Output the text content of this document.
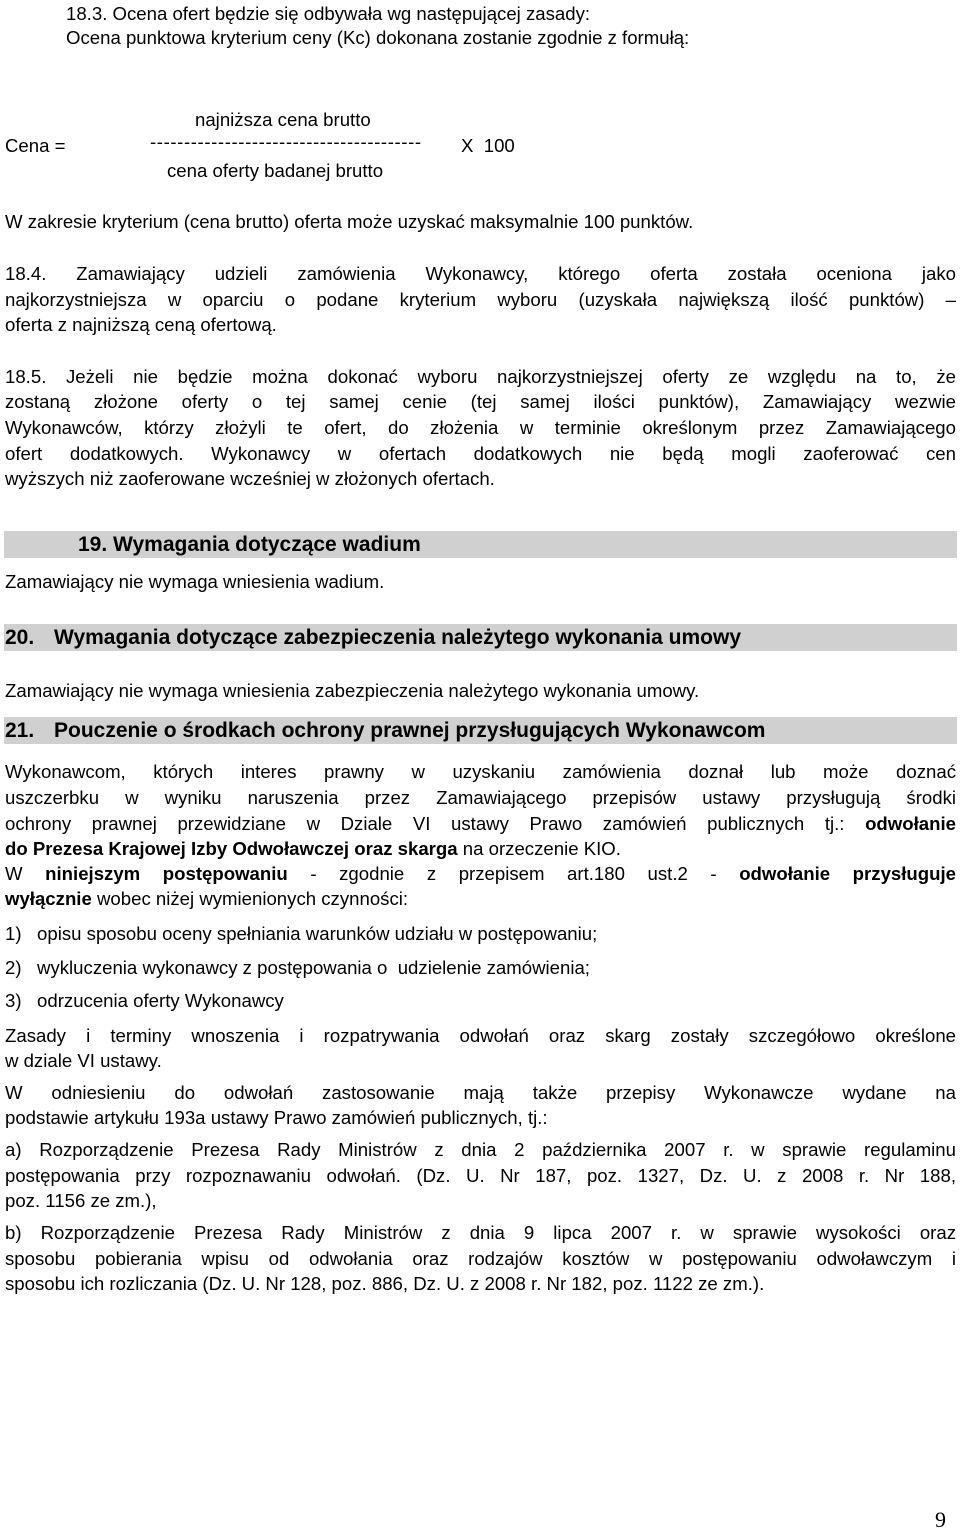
18.3. Ocena ofert będzie się odbywała wg następującej zasady:
Ocena punktowa kryterium ceny (Kc) dokonana zostanie zgodnie z formułą:
najniższa cena brutto
Cena =	---------------------------------------- X  100
cena oferty badanej brutto
W zakresie kryterium (cena brutto) oferta może uzyskać maksymalnie 100 punktów.
18.4. Zamawiający udzieli zamówienia Wykonawcy, którego oferta została oceniona jako
najkorzystniejsza w oparciu o podane kryterium wyboru (uzyskała największą ilość punktów) –
oferta z najniższą ceną ofertową.
18.5. Jeżeli nie będzie można dokonać wyboru najkorzystniejszej oferty ze względu na to, że
zostaną złożone oferty o tej samej cenie (tej samej ilości punktów), Zamawiający wezwie
Wykonawców, którzy złożyli te ofert, do złożenia w terminie określonym przez Zamawiającego
ofert dodatkowych. Wykonawcy w ofertach dodatkowych nie będą mogli zaoferować cen
wyższych niż zaoferowane wcześniej w złożonych ofertach.
19. Wymagania dotyczące wadium
Zamawiający nie wymaga wniesienia wadium.
20. Wymagania dotyczące zabezpieczenia należytego wykonania umowy
Zamawiający nie wymaga wniesienia zabezpieczenia należytego wykonania umowy.
21. Pouczenie o środkach ochrony prawnej przysługujących Wykonawcom
Wykonawcom, których interes prawny w uzyskaniu zamówienia doznał lub może doznać
uszczerbku w wyniku naruszenia przez Zamawiającego przepisów ustawy przysługują środki
ochrony prawnej przewidziane w Dziale VI ustawy Prawo zamówień publicznych tj.: odwołanie
do Prezesa Krajowej Izby Odwoławczej oraz skarga na orzeczenie KIO.
W niniejszym postępowaniu - zgodnie z przepisem art.180 ust.2 - odwołanie przysługuje
wyłącznie wobec niżej wymienionych czynności:
1)   opisu sposobu oceny spełniania warunków udziału w postępowaniu;
2)   wykluczenia wykonawcy z postępowania o  udzielenie zamówienia;
3)   odrzucenia oferty Wykonawcy
Zasady i terminy wnoszenia i rozpatrywania odwołań oraz skarg zostały szczegółowo określone
w dziale VI ustawy.
W odniesieniu do odwołań zastosowanie mają także przepisy Wykonawcze wydane na
podstawie artykułu 193a ustawy Prawo zamówień publicznych, tj.:
a) Rozporządzenie Prezesa Rady Ministrów z dnia 2 października 2007 r. w sprawie regulaminu
postępowania przy rozpoznawaniu odwołań. (Dz. U. Nr 187, poz. 1327, Dz. U. z 2008 r. Nr 188,
poz. 1156 ze zm.),
b) Rozporządzenie Prezesa Rady Ministrów z dnia 9 lipca 2007 r. w sprawie wysokości oraz
sposobu pobierania wpisu od odwołania oraz rodzajów kosztów w postępowaniu odwoławczym i
sposobu ich rozliczania (Dz. U. Nr 128, poz. 886, Dz. U. z 2008 r. Nr 182, poz. 1122 ze zm.).
9
